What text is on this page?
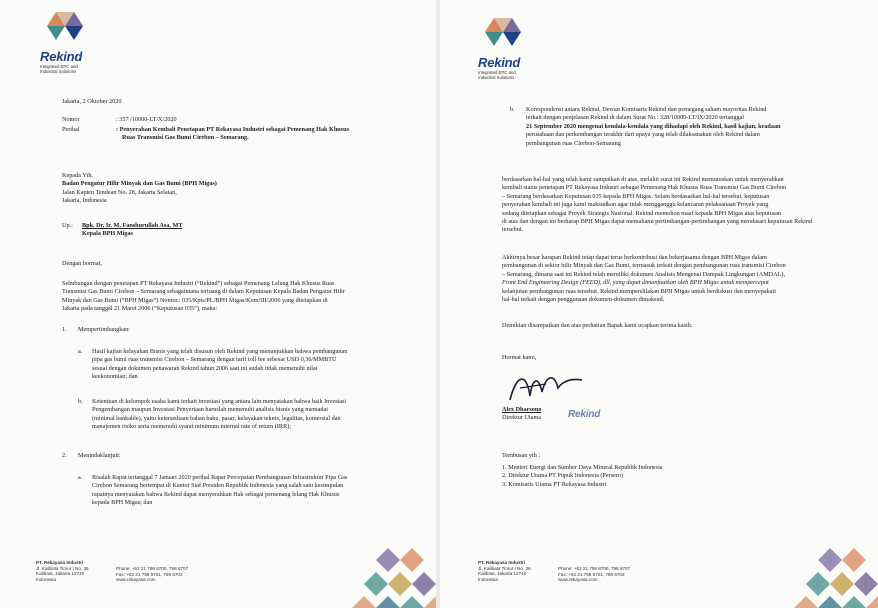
Rekind
Integrated EPC and
Industrial Solutions
Jakarta, 2 Oktober 2020
Nomor	: 357 /10000-LT/X/2020
Perihal	: Penyerahan Kembali Penetapan PT Rekayasa Industri sebagai Pemenang Hak Khusus
Ruas Transmisi Gas Bumi Cirebon – Semarang.
Kepada Yth.
Badan Pengatur Hilir Minyak dan Gas Bumi (BPH Migas)
Jalan Kapten Tendean No. 28, Jakarta Selatan,
Jakarta, Indonesia
Up.: Bpk. Dr. Ir. M. Fanshurullah Asa, MT
Kepala BPH Migas
Dengan hormat,
Sehubungan dengan penetapan PT Rekayasa Industri (“Rekind”) sebagai Pemenang Lelang Hak Khusus Ruas
Transmisi Gas Bumi Cirebon – Semarang sebagaimana tertuang di dalam Keputusan Kepala Badan Pengatur Hilir
Minyak dan Gas Bumi (“BPH Migas”) Nomor.: 035/Kpts/PL/BPH Migas/Kom/III/2006 yang ditetapkan di
Jakarta pada tanggal 21 Maret 2006 (“Keputusan 035”), maka:
1. Mempertimbangkan:
a. Hasil kajian kelayakan Bisnis yang telah disusun oleh Rekind yang menunjukkan bahwa pembangunan
pipa gas bumi ruas transmisi Cirebon – Semarang dengan tarif toll fee sebesar USD 0,36/MMBTU
sesuai dengan dokumen penawaran Rekind tahun 2006 saat ini sudah tidak memenuhi nilai
keekonomian; dan
b. Ketentuan di kelompok usaha kami terkait investasi yang antara lain menyatakan bahwa baik Investasi
Pengembangan maupun Investasi Penyertaan haruslah memenuhi analisis bisnis yang memadai
(minimal bankable), yaitu ketersediaan bahan baku, pasar, kelayakan teknis, legalitas, komersial dan
manajemen risiko serta memenuhi syarat minimum internal rate of return (IRR);
2. Menindaklanjuti:
a. Risalah Rapat tertanggal 7 Januari 2020 perihal Rapat Percepatan Pembangunan Infrastruktur Pipa Gas
Cirebon Semarang bertempat di Kantor Staf Presiden Republik Indonesia yang salah satu kesimpulan
rapatnya menyatakan bahwa Rekind dapat menyerahkan Hak sebagai pemenang lelang Hak Khusus
kepada BPH Migas; dan
PT. Rekayasa Industri
Jl. Kalibata Timur I No. 36
Kalibata, Jakarta 12740
Indonesia
Phone: +62 21 798 8700, 798 8707
Fax: +62 21 798 8701, 798 8702
www.rekayasa.com
Rekind
Integrated EPC and
Industrial Solutions
b. Korespondensi antara Rekind, Dewan Komisaris Rekind dan pemegang saham mayoritas Rekind
terkait dengan penjelasan Rekind di dalam Surat No.: 328/10000-LT/IX/2020 tertanggal
21 September 2020 mengenai kendala-kendala yang dihadapi oleh Rekind, hasil kajian, keadaan
perusahaan dan perkembangan terakhir dari upaya yang telah dilaksanakan oleh Rekind dalam
pembangunan ruas Cirebon-Semarang
berdasarkan hal-hal yang telah kami sampaikan di atas, melalui surat ini Rekind memutuskan untuk menyerahkan
kembali status penetapan PT Rekayasa Industri sebagai Pemenang Hak Khusus Ruas Transmisi Gas Bumi Cirebon
– Semarang berdasarkan Keputusan 035 kepada BPH Migas. Selain berdasarkan hal-hal tersebut, keputusan
penyerahan kembali ini juga kami maksudkan agar tidak mengganggu kelancaran pelaksanaan Proyek yang
sedang ditetapkan sebagai Proyek Strategis Nasional. Rekind memohon maaf kepada BPH Migas atas keputusan
di atas dan dengan ini berharap BPH Migas dapat memahami pertimbangan-pertimbangan yang mendasari keputusan Rekind
tersebut.
Akhirnya besar harapan Rekind tetap dapat terus berkontribusi dan bekerjasama dengan BPH Migas dalam
pembangunan di sektor hilir Minyak dan Gas Bumi, termasuk terkait dengan pembangunan ruas transmisi Cirebon
– Semarang, dimana saat ini Rekind telah memiliki dokumen Analisis Mengenai Dampak Lingkungan (AMDAL),
Front End Engineering Design (FEED), dll, yang dapat dimanfaatkan oleh BPH Migas untuk mempercepat
kelanjutan pembangunan ruas tersebut. Rekind memperslilakan BPH Migas untuk berdiskusi dan menyepakati
hal-hal terkait dengan penggunaan dokumen-dokumen dimaksud.
Demikian disampaikan dan atas perhatian Bapak kami ucapkan terima kasih.
Hormat kami,
Rekind
Alex Dharsono
Direktur Utama
Tembusan yth :
1. Menteri Energi dan Sumber Daya Mineral Republik Indonesia
2. Direktur Utama PT Pupuk Indonesia (Persero)
3. Komisaris Utama PT Rekayasa Industri
PT. Rekayasa Industri
Jl. Kalibata Timur I No. 36
Kalibata, Jakarta 12740
Indonesia
Phone: +62 21 798 8700, 798 8707
Fax: +62 21 798 8701, 798 8702
www.rekayasa.com
